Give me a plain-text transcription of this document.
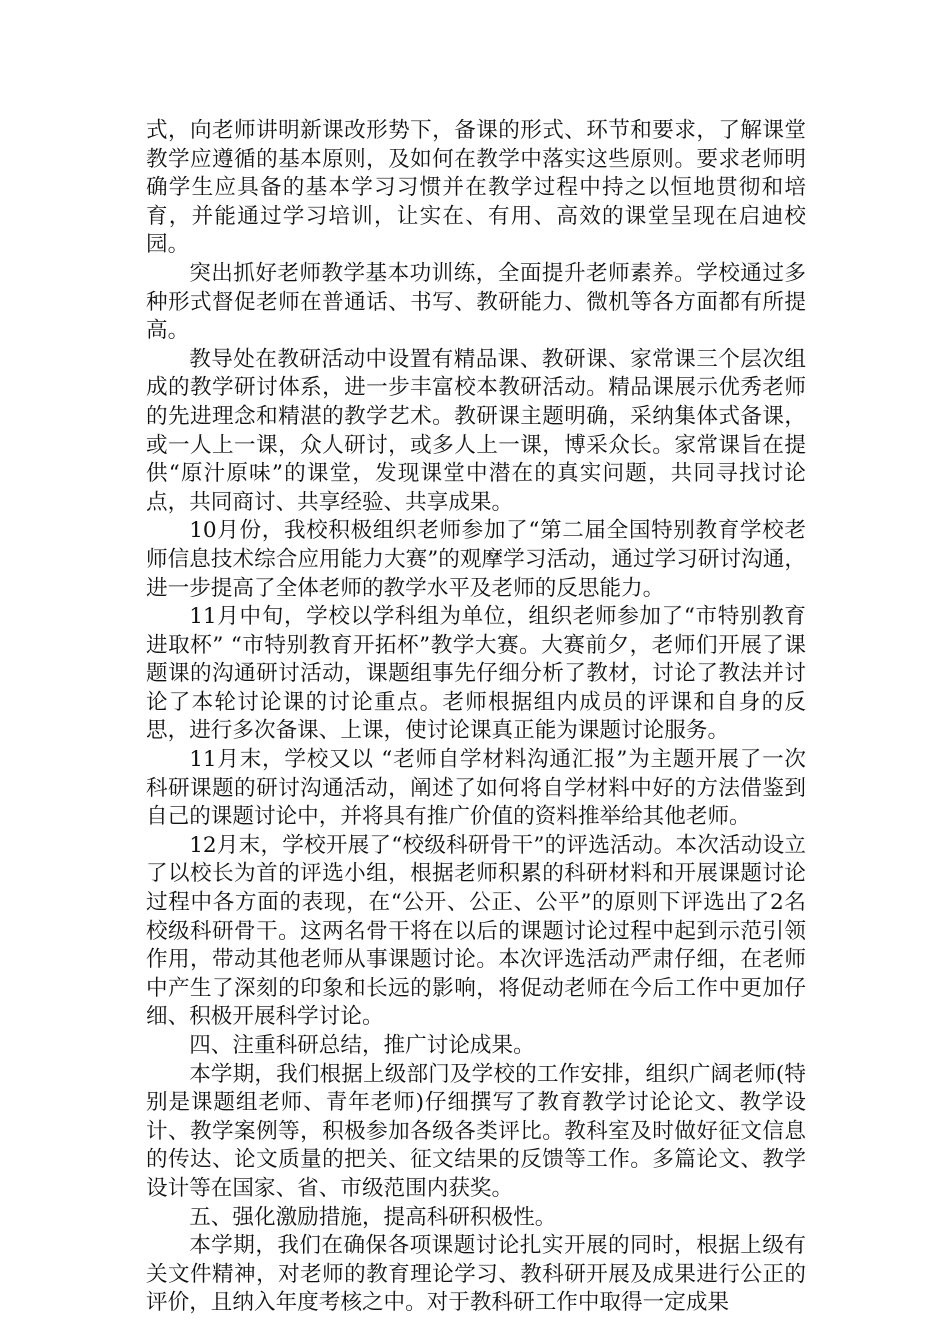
式，向老师讲明新课改形势下，备课的形式、环节和要求，了解课堂教学应遵循的基本原则，及如何在教学中落实这些原则。要求老师明确学生应具备的基本学习习惯并在教学过程中持之以恒地贯彻和培育，并能通过学习培训，让实在、有用、高效的课堂呈现在启迪校园。

突出抓好老师教学基本功训练，全面提升老师素养。学校通过多种形式督促老师在普通话、书写、教研能力、微机等各方面都有所提高。

教导处在教研活动中设置有精品课、教研课、家常课三个层次组成的教学研讨体系，进一步丰富校本教研活动。精品课展示优秀老师的先进理念和精湛的教学艺术。教研课主题明确，采纳集体式备课，或一人上一课，众人研讨，或多人上一课，博采众长。家常课旨在提供“原汁原味”的课堂，发现课堂中潜在的真实问题，共同寻找讨论点，共同商讨、共享经验、共享成果。

10月份，我校积极组织老师参加了“第二届全国特别教育学校老师信息技术综合应用能力大赛”的观摩学习活动，通过学习研讨沟通，进一步提高了全体老师的教学水平及老师的反思能力。

11月中旬，学校以学科组为单位，组织老师参加了“市特别教育进取杯” “市特别教育开拓杯”教学大赛。大赛前夕，老师们开展了课题课的沟通研讨活动，课题组事先仔细分析了教材，讨论了教法并讨论了本轮讨论课的讨论重点。老师根据组内成员的评课和自身的反思，进行多次备课、上课，使讨论课真正能为课题讨论服务。

11月末，学校又以 “老师自学材料沟通汇报”为主题开展了一次科研课题的研讨沟通活动，阐述了如何将自学材料中好的方法借鉴到自己的课题讨论中，并将具有推广价值的资料推举给其他老师。

12月末，学校开展了“校级科研骨干”的评选活动。本次活动设立了以校长为首的评选小组，根据老师积累的科研材料和开展课题讨论过程中各方面的表现，在“公开、公正、公平”的原则下评选出了2名校级科研骨干。这两名骨干将在以后的课题讨论过程中起到示范引领作用，带动其他老师从事课题讨论。本次评选活动严肃仔细，在老师中产生了深刻的印象和长远的影响，将促动老师在今后工作中更加仔细、积极开展科学讨论。

四、注重科研总结，推广讨论成果。

本学期，我们根据上级部门及学校的工作安排，组织广阔老师(特别是课题组老师、青年老师)仔细撰写了教育教学讨论论文、教学设计、教学案例等，积极参加各级各类评比。教科室及时做好征文信息的传达、论文质量的把关、征文结果的反馈等工作。多篇论文、教学设计等在国家、省、市级范围内获奖。

五、强化激励措施，提高科研积极性。

本学期，我们在确保各项课题讨论扎实开展的同时，根据上级有关文件精神，对老师的教育理论学习、教科研开展及成果进行公正的评价，且纳入年度考核之中。对于教科研工作中取得一定成果
